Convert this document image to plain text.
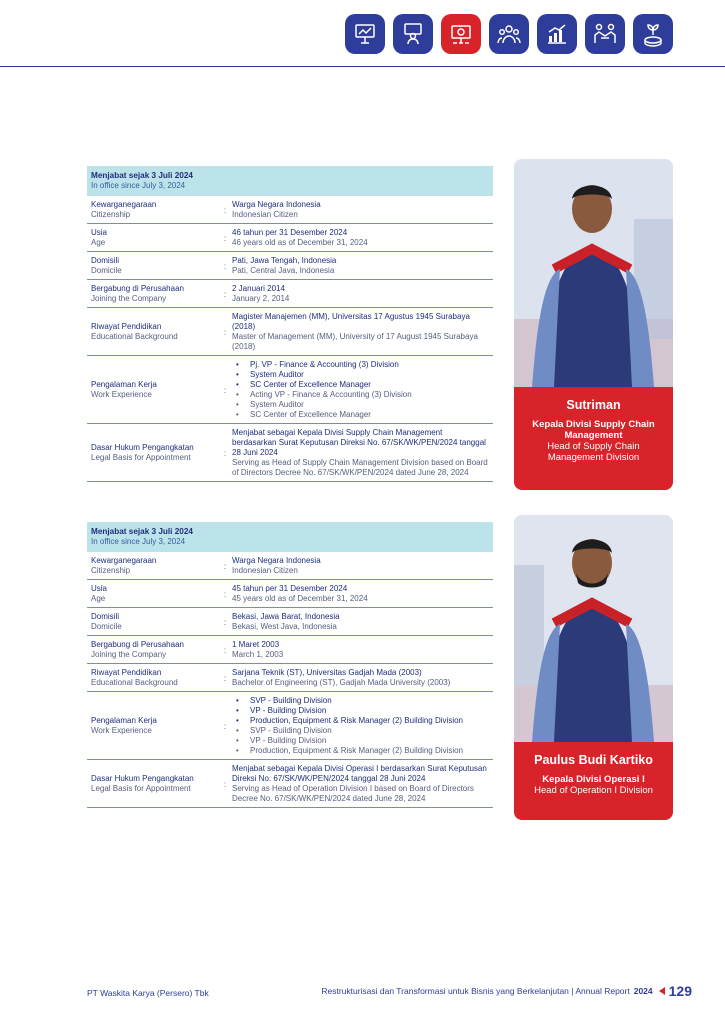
Menjabat sejak 3 Juli 2024
In office since July 3, 2024
Kewarganegaraan
Citizenship	:
Warga Negara Indonesia
Indonesian Citizen
Usia
Age	:
46 tahun per 31 Desember 2024
46 years old as of December 31, 2024
Domisili
Domicile	:
Pati, Jawa Tengah, Indonesia
Pati, Central Java, Indonesia
Bergabung di Perusahaan
Joining the Company	:
2 Januari 2014
January 2, 2014
Riwayat Pendidikan
Educational Background	:
Magister Manajemen (MM), Universitas 17 Agustus 1945 Surabaya (2018)
Master of Management (MM), University of 17 August 1945 Surabaya (2018)
Pengalaman Kerja
Work Experience	:
• Pj. VP - Finance & Accounting (3) Division
• System Auditor
• SC Center of Excellence Manager
• Acting VP - Finance & Accounting (3) Division
• System Auditor
• SC Center of Excellence Manager
Dasar Hukum Pengangkatan
Legal Basis for Appointment	:
Menjabat sebagai Kepala Divisi Supply Chain Management berdasarkan Surat Keputusan Direksi No. 67/SK/WK/PEN/2024 tanggal 28 Juni 2024
Serving as Head of Supply Chain Management Division based on Board of Directors Decree No. 67/SK/WK/PEN/2024 dated June 28, 2024
Sutriman
Kepala Divisi Supply Chain Management
Head of Supply Chain Management Division
Menjabat sejak 3 Juli 2024
In office since July 3, 2024
Kewarganegaraan
Citizenship	:
Warga Negara Indonesia
Indonesian Citizen
Usia
Age	:
45 tahun per 31 Desember 2024
45 years old as of December 31, 2024
Domisili
Domicile	:
Bekasi, Jawa Barat, Indonesia
Bekasi, West Java, Indonesia
Bergabung di Perusahaan
Joining the Company	:
1 Maret 2003
March 1, 2003
Riwayat Pendidikan
Educational Background	:
Sarjana Teknik (ST), Universitas Gadjah Mada (2003)
Bachelor of Engineering (ST), Gadjah Mada University (2003)
Pengalaman Kerja
Work Experience	:
• SVP - Building Division
• VP - Building Division
• Production, Equipment & Risk Manager (2) Building Division
• SVP - Building Division
• VP - Building Division
• Production, Equipment & Risk Manager (2) Building Division
Dasar Hukum Pengangkatan
Legal Basis for Appointment	:
Menjabat sebagai Kepala Divisi Operasi I berdasarkan Surat Keputusan Direksi No. 67/SK/WK/PEN/2024 tanggal 28 Juni 2024
Serving as Head of Operation Division I based on Board of Directors Decree No. 67/SK/WK/PEN/2024 dated June 28, 2024
Paulus Budi Kartiko
Kepala Divisi Operasi I
Head of Operation I Division
PT Waskita Karya (Persero) Tbk	Restrukturisasi dan Transformasi untuk Bisnis yang Berkelanjutan | Annual Report 2024 129
